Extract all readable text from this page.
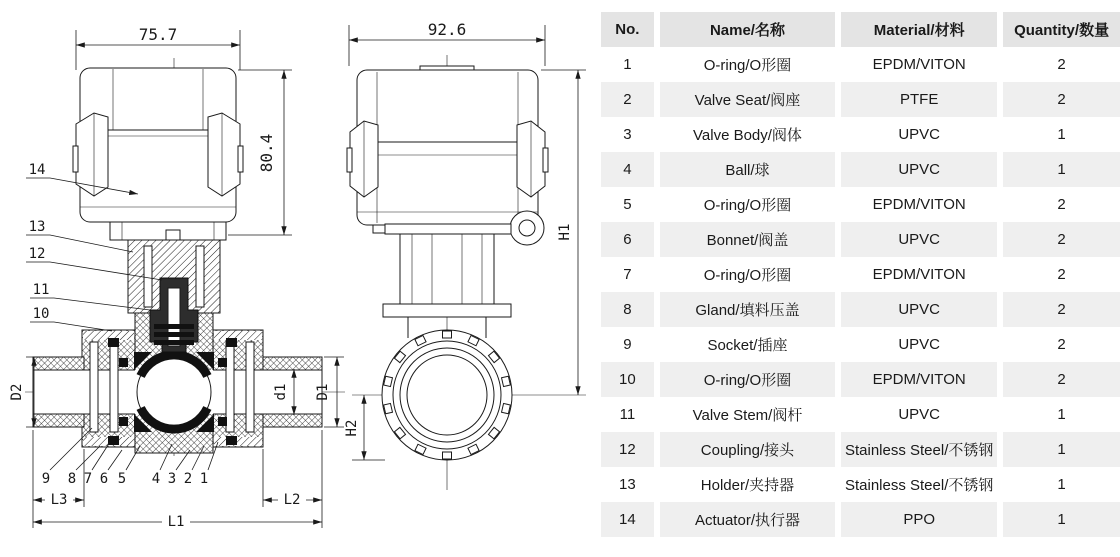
75.7
80.4
D2	d1 D1
L3	L2
L1
14
13
12
11
10
9 8 7 6 5 4 3 2 1
92.6
H1
H2
No.	Name/名称	Material/材料	Quantity/数量
1	O-ring/O形圈	EPDM/VITON	2
2	Valve Seat/阀座	PTFE	2
3	Valve Body/阀体	UPVC	1
4	Ball/球	UPVC	1
5	O-ring/O形圈	EPDM/VITON	2
6	Bonnet/阀盖	UPVC	2
7	O-ring/O形圈	EPDM/VITON	2
8	Gland/填料压盖	UPVC	2
9	Socket/插座	UPVC	2
10	O-ring/O形圈	EPDM/VITON	2
11	Valve Stem/阀杆	UPVC	1
12	Coupling/接头	Stainless Steel/不锈钢	1
13	Holder/夹持器	Stainless Steel/不锈钢	1
14	Actuator/执行器	PPO	1
